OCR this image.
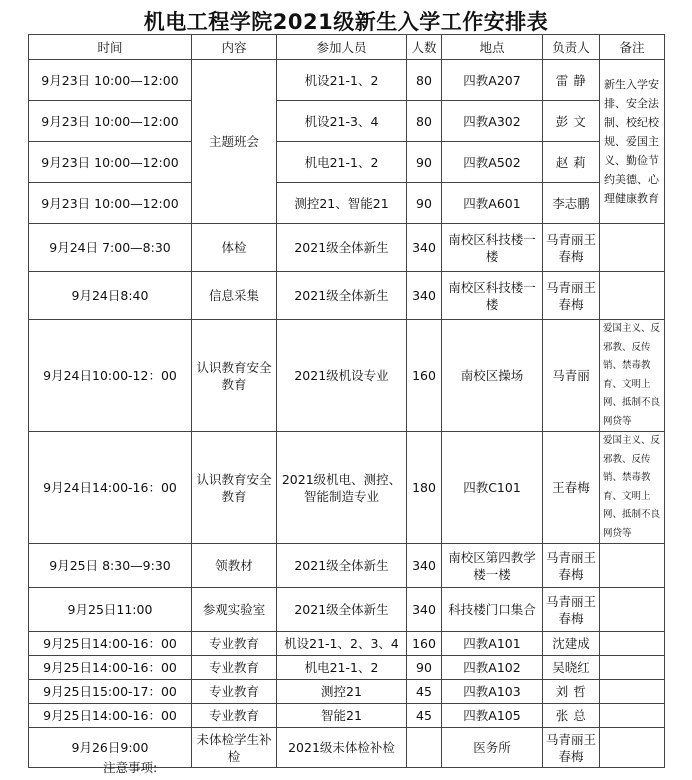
机电工程学院2021级新生入学工作安排表
时间	内容	参加人员	人数	地点	负责人	备注
9月23日 10:00—12:00	主题班会	机设21-1、2	80	四教A207	雷 静	新生入学安排、安全法制、校纪校规、爱国主义、勤俭节约美德、心理健康教育
9月23日 10:00—12:00		机设21-3、4	80	四教A302	彭 文	
9月23日 10:00—12:00		机电21-1、2	90	四教A502	赵 莉	
9月23日 10:00—12:00		测控21、智能21	90	四教A601	李志鹏	
9月24日 7:00—8:30	体检	2021级全体新生	340	南校区科技楼一楼	马青丽王春梅	
9月24日8:40	信息采集	2021级全体新生	340	南校区科技楼一楼	马青丽王春梅	
9月24日10:00-12：00	认识教育安全教育	2021级机设专业	160	南校区操场	马青丽	爱国主义、反邪教、反传销、禁毒教育、文明上网、抵制不良网贷等
9月24日14:00-16：00	认识教育安全教育	2021级机电、测控、智能制造专业	180	四教C101	王春梅	爱国主义、反邪教、反传销、禁毒教育、文明上网、抵制不良网贷等
9月25日 8:30—9:30	领教材	2021级全体新生	340	南校区第四教学楼一楼	马青丽王春梅	
9月25日11:00	参观实验室	2021级全体新生	340	科技楼门口集合	马青丽王春梅	
9月25日14:00-16：00	专业教育	机设21-1、2、3、4	160	四教A101	沈建成	
9月25日14:00-16：00	专业教育	机电21-1、2	90	四教A102	吴晓红	
9月25日15:00-17：00	专业教育	测控21	45	四教A103	刘 哲	
9月25日14:00-16：00	专业教育	智能21	45	四教A105	张 总	
9月26日9:00	未体检学生补检	2021级未体检补检		医务所	马青丽王春梅	
注意事项:
